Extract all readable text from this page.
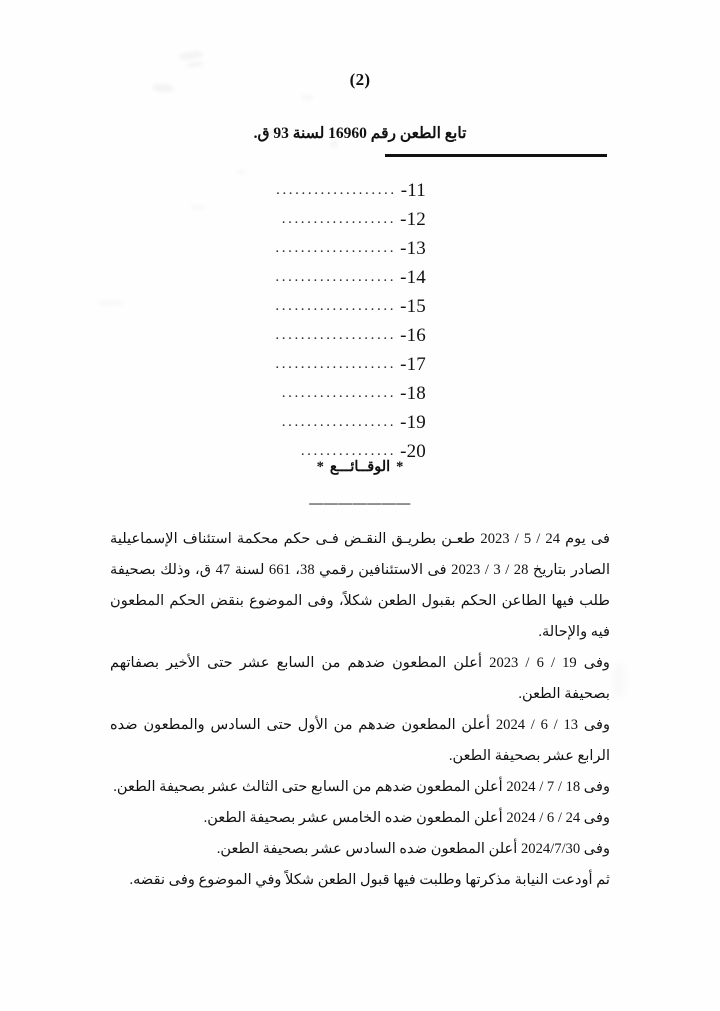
(2)
تابع الطعن رقم 16960 لسنة 93 ق.
................... -11
.................. -12
................... -13
................... -14
................... -15
................... -16
................... -17
.................. -18
.................. -19
............... -20
*الوقــائـــع*
———————

فى يوم 24 / 5 / 2023 طعـن بطريـق النقـض فـى حكم محكمة استئناف الإسماعيلية الصادر بتاريخ 28 / 3 / 2023 فى الاستئنافين رقمي 38، 661 لسنة 47 ق، وذلك بصحيفة طلب فيها الطاعن الحكم بقبول الطعن شكلاً، وفى الموضوع بنقض الحكم المطعون فيه والإحالة.

وفى 19 / 6 / 2023 أعلن المطعون ضدهم من السابع عشر حتى الأخير بصفاتهم بصحيفة الطعن.

وفى 13 / 6 / 2024 أعلن المطعون ضدهم من الأول حتى السادس والمطعون ضده الرابع عشر بصحيفة الطعن.

وفى 18 / 7 / 2024 أعلن المطعون ضدهم من السابع حتى الثالث عشر بصحيفة الطعن.

وفى 24 / 6 / 2024 أعلن المطعون ضده الخامس عشر بصحيفة الطعن.

وفى 2024/7/30 أعلن المطعون ضده السادس عشر بصحيفة الطعن.

ثم أودعت النيابة مذكرتها وطلبت فيها قبول الطعن شكلاً وفي الموضوع وفى نقضه.
